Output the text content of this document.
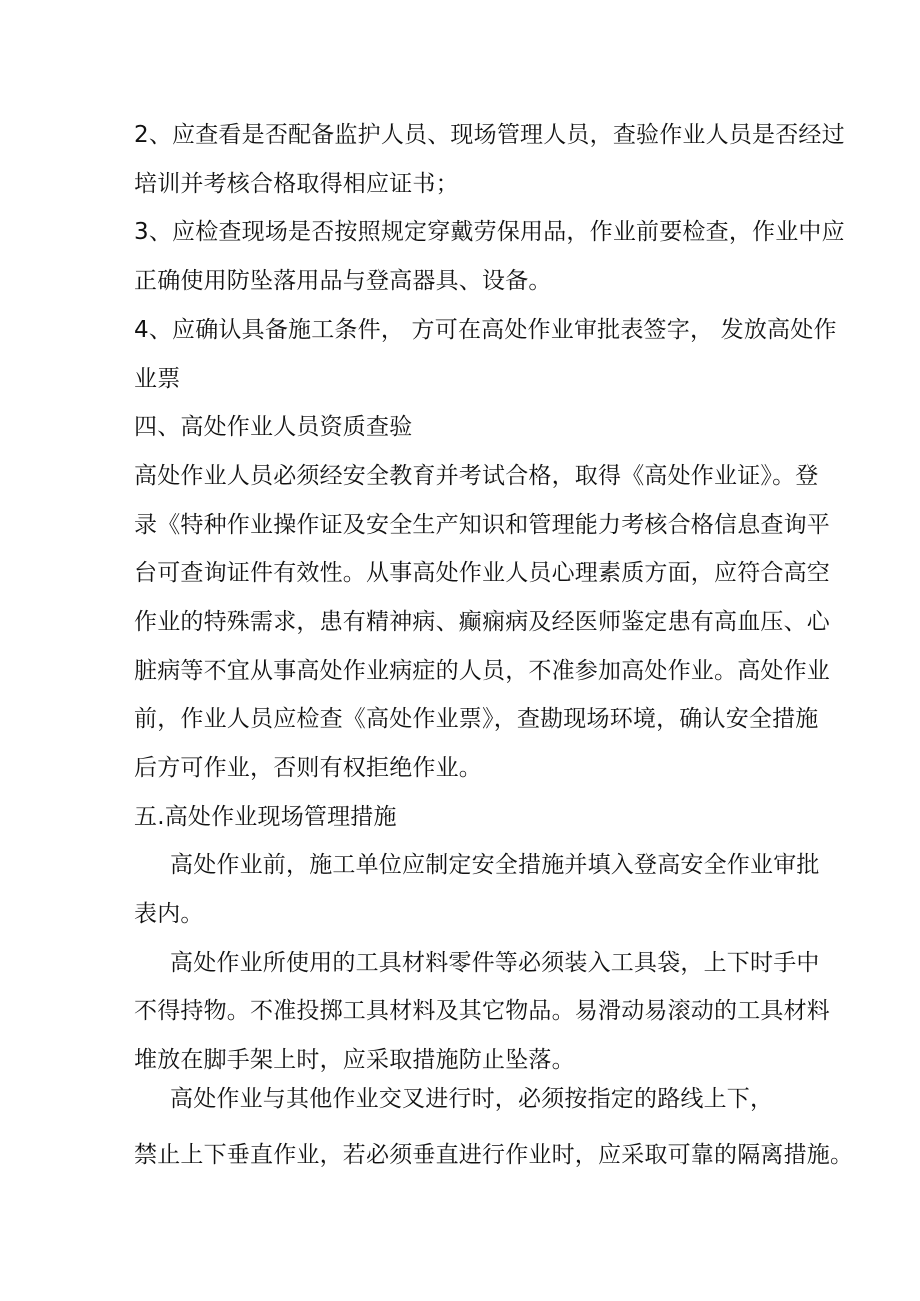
2、应查看是否配备监护人员、现场管理人员，查验作业人员是否经过
培训并考核合格取得相应证书；
3、应检查现场是否按照规定穿戴劳保用品，作业前要检查，作业中应
正确使用防坠落用品与登高器具、设备。
4、应确认具备施工条件， 方可在高处作业审批表签字， 发放高处作
业票
四、高处作业人员资质查验
高处作业人员必须经安全教育并考试合格，取得《高处作业证》。登
录《特种作业操作证及安全生产知识和管理能力考核合格信息查询平
台可查询证件有效性。从事高处作业人员心理素质方面，应符合高空
作业的特殊需求，患有精神病、癫痫病及经医师鉴定患有高血压、心
脏病等不宜从事高处作业病症的人员，不准参加高处作业。高处作业
前，作业人员应检查《高处作业票》，查勘现场环境，确认安全措施
后方可作业，否则有权拒绝作业。
五.高处作业现场管理措施
高处作业前，施工单位应制定安全措施并填入登高安全作业审批
表内。
高处作业所使用的工具材料零件等必须装入工具袋，上下时手中
不得持物。不准投掷工具材料及其它物品。易滑动易滚动的工具材料
堆放在脚手架上时，应采取措施防止坠落。
高处作业与其他作业交叉进行时，必须按指定的路线上下，
禁止上下垂直作业，若必须垂直进行作业时，应采取可靠的隔离措施。
